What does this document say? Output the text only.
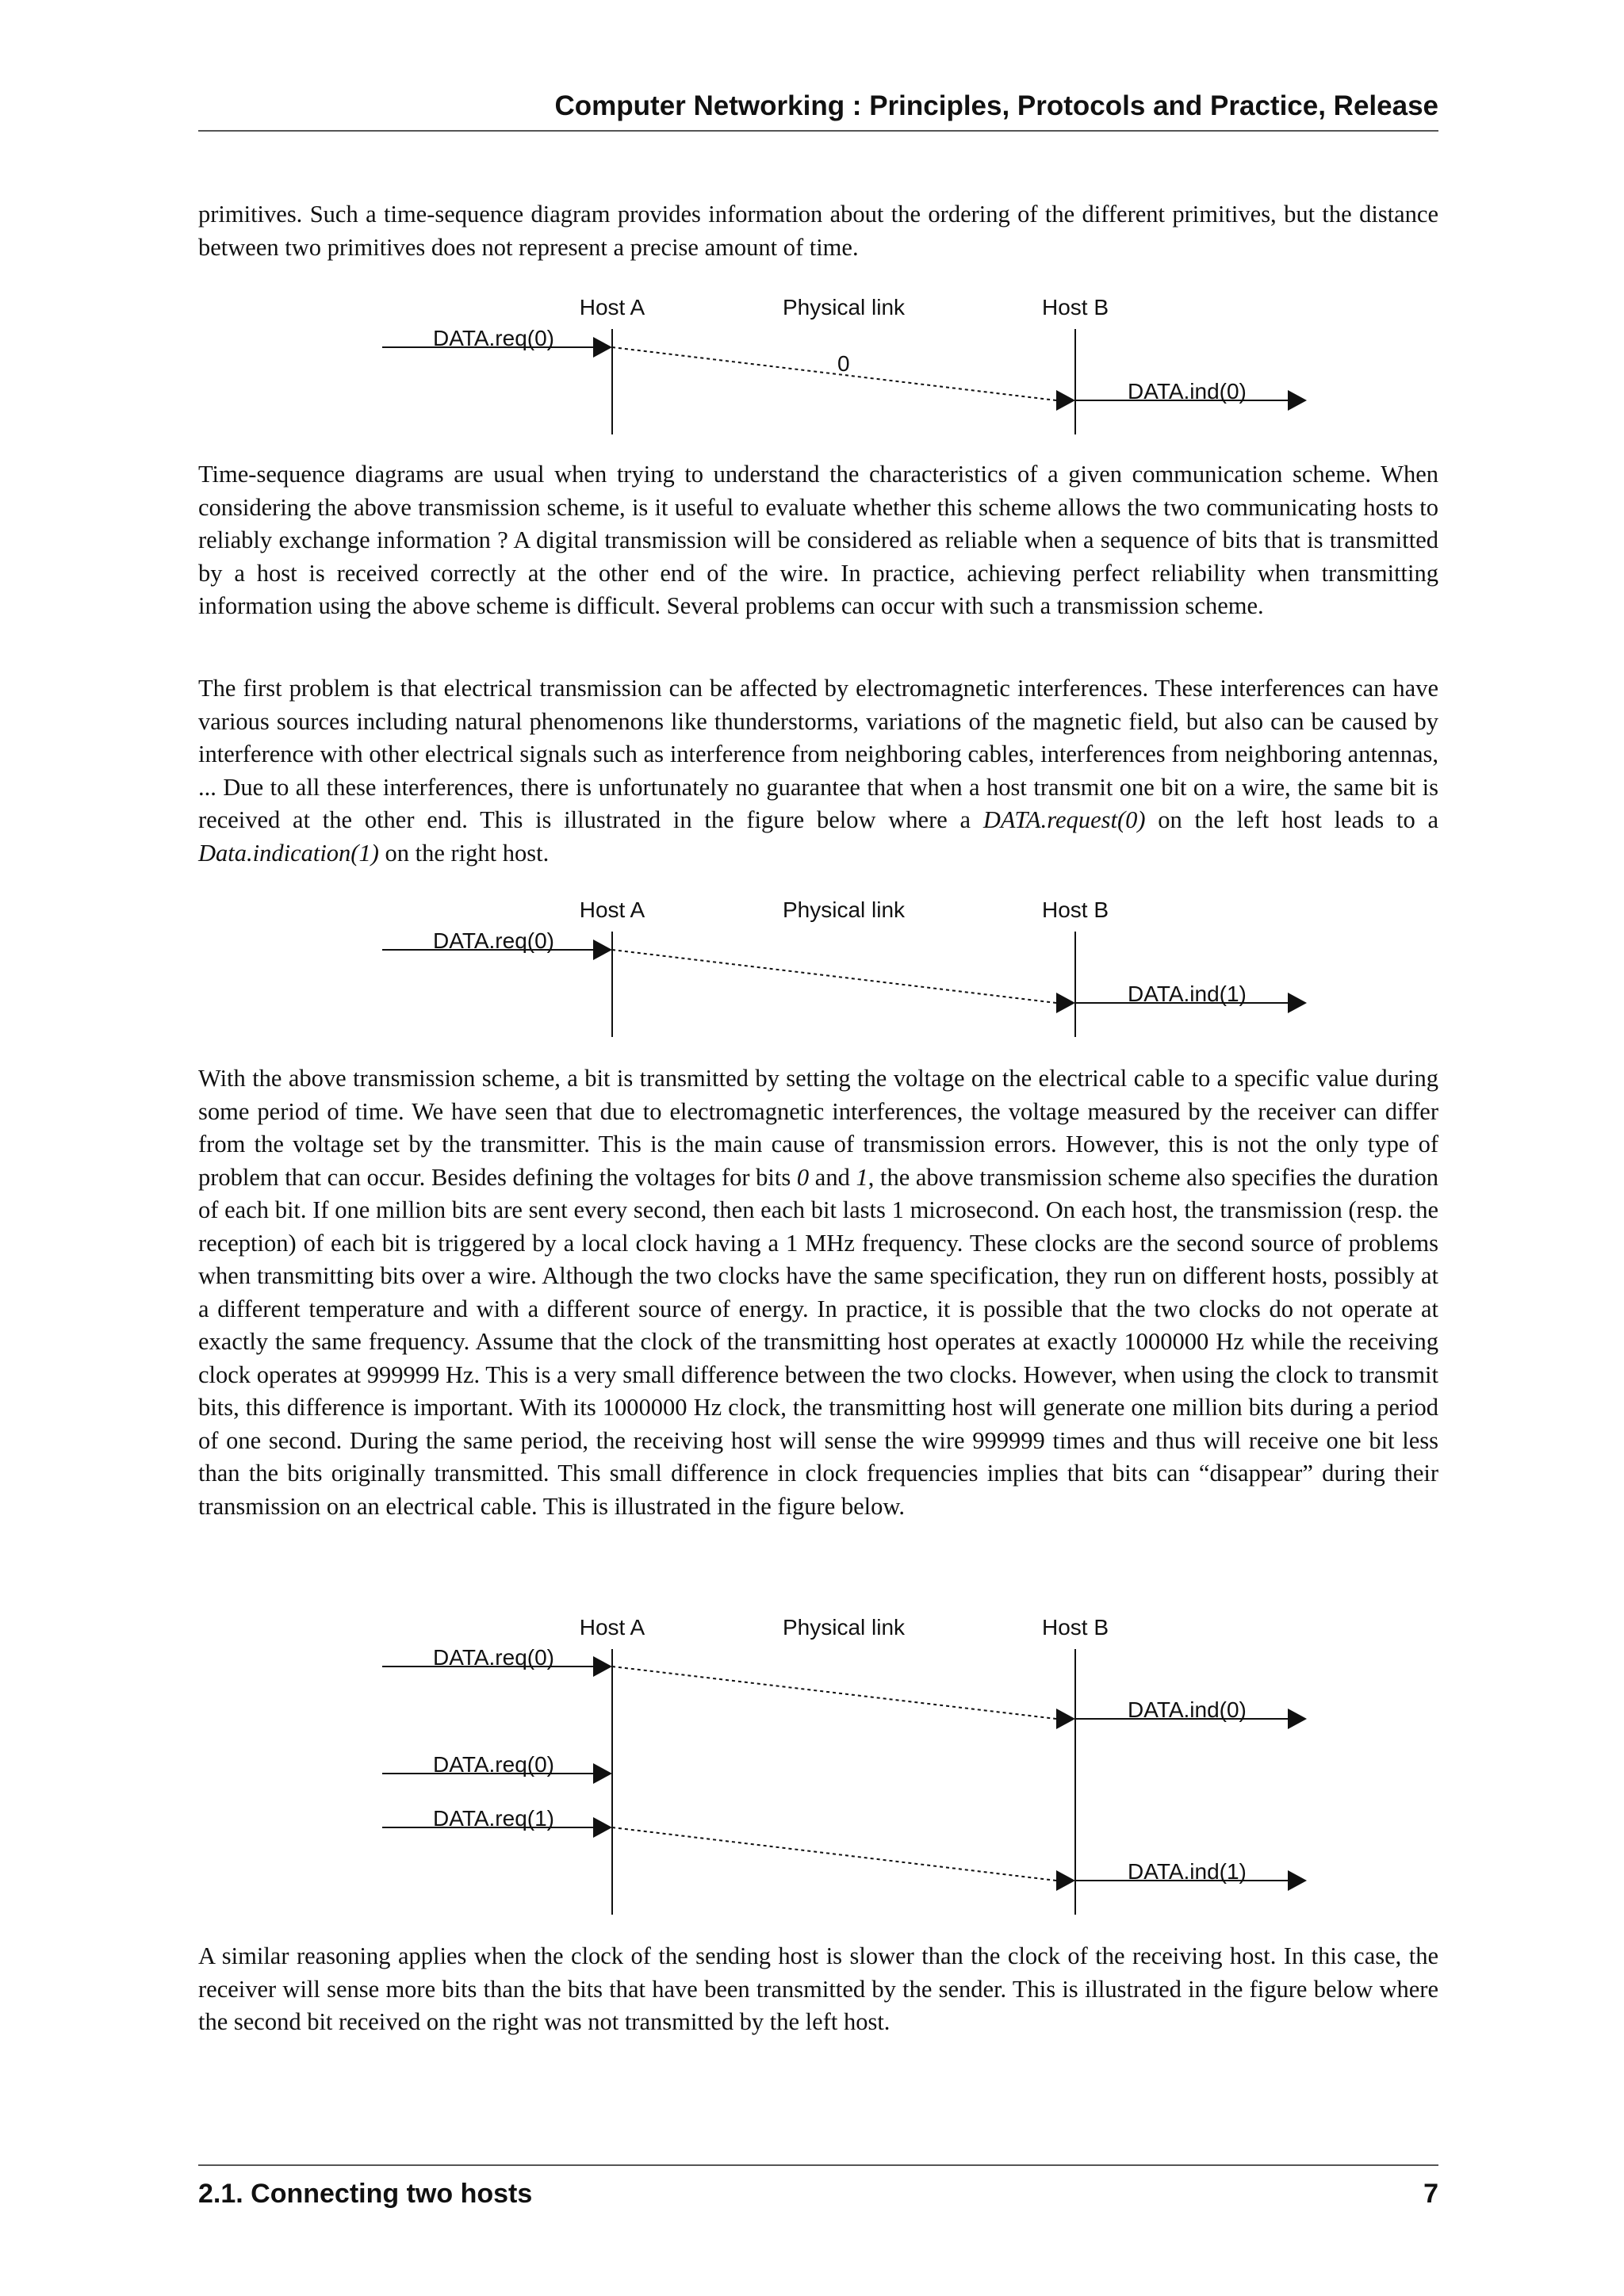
Computer Networking : Principles, Protocols and Practice, Release

primitives. Such a time-sequence diagram provides information about the ordering of the different primitives, but the distance between two primitives does not represent a precise amount of time.

Host A	Physical link	Host B
DATA.req(0)
0
DATA.ind(0)

Time-sequence diagrams are usual when trying to understand the characteristics of a given communication scheme. When considering the above transmission scheme, is it useful to evaluate whether this scheme allows the two communicating hosts to reliably exchange information ? A digital transmission will be considered as reliable when a sequence of bits that is transmitted by a host is received correctly at the other end of the wire. In practice, achieving perfect reliability when transmitting information using the above scheme is difficult. Several problems can occur with such a transmission scheme.

The first problem is that electrical transmission can be affected by electromagnetic interferences. These interferences can have various sources including natural phenomenons like thunderstorms, variations of the magnetic field, but also can be caused by interference with other electrical signals such as interference from neighboring cables, interferences from neighboring antennas, ... Due to all these interferences, there is unfortunately no guarantee that when a host transmit one bit on a wire, the same bit is received at the other end. This is illustrated in the figure below where a DATA.request(0) on the left host leads to a Data.indication(1) on the right host.

Host A	Physical link	Host B
DATA.req(0)
DATA.ind(1)

With the above transmission scheme, a bit is transmitted by setting the voltage on the electrical cable to a specific value during some period of time. We have seen that due to electromagnetic interferences, the voltage measured by the receiver can differ from the voltage set by the transmitter. This is the main cause of transmission errors. However, this is not the only type of problem that can occur. Besides defining the voltages for bits 0 and 1, the above transmission scheme also specifies the duration of each bit. If one million bits are sent every second, then each bit lasts 1 microsecond. On each host, the transmission (resp. the reception) of each bit is triggered by a local clock having a 1 MHz frequency. These clocks are the second source of problems when transmitting bits over a wire. Although the two clocks have the same specification, they run on different hosts, possibly at a different temperature and with a different source of energy. In practice, it is possible that the two clocks do not operate at exactly the same frequency. Assume that the clock of the transmitting host operates at exactly 1000000 Hz while the receiving clock operates at 999999 Hz. This is a very small difference between the two clocks. However, when using the clock to transmit bits, this difference is important. With its 1000000 Hz clock, the transmitting host will generate one million bits during a period of one second. During the same period, the receiving host will sense the wire 999999 times and thus will receive one bit less than the bits originally transmitted. This small difference in clock frequencies implies that bits can “disappear” during their transmission on an electrical cable. This is illustrated in the figure below.

Host A	Physical link	Host B
DATA.req(0)
DATA.ind(0)
DATA.req(0)
DATA.req(1)
DATA.ind(1)

A similar reasoning applies when the clock of the sending host is slower than the clock of the receiving host. In this case, the receiver will sense more bits than the bits that have been transmitted by the sender. This is illustrated in the figure below where the second bit received on the right was not transmitted by the left host.

2.1. Connecting two hosts	7
